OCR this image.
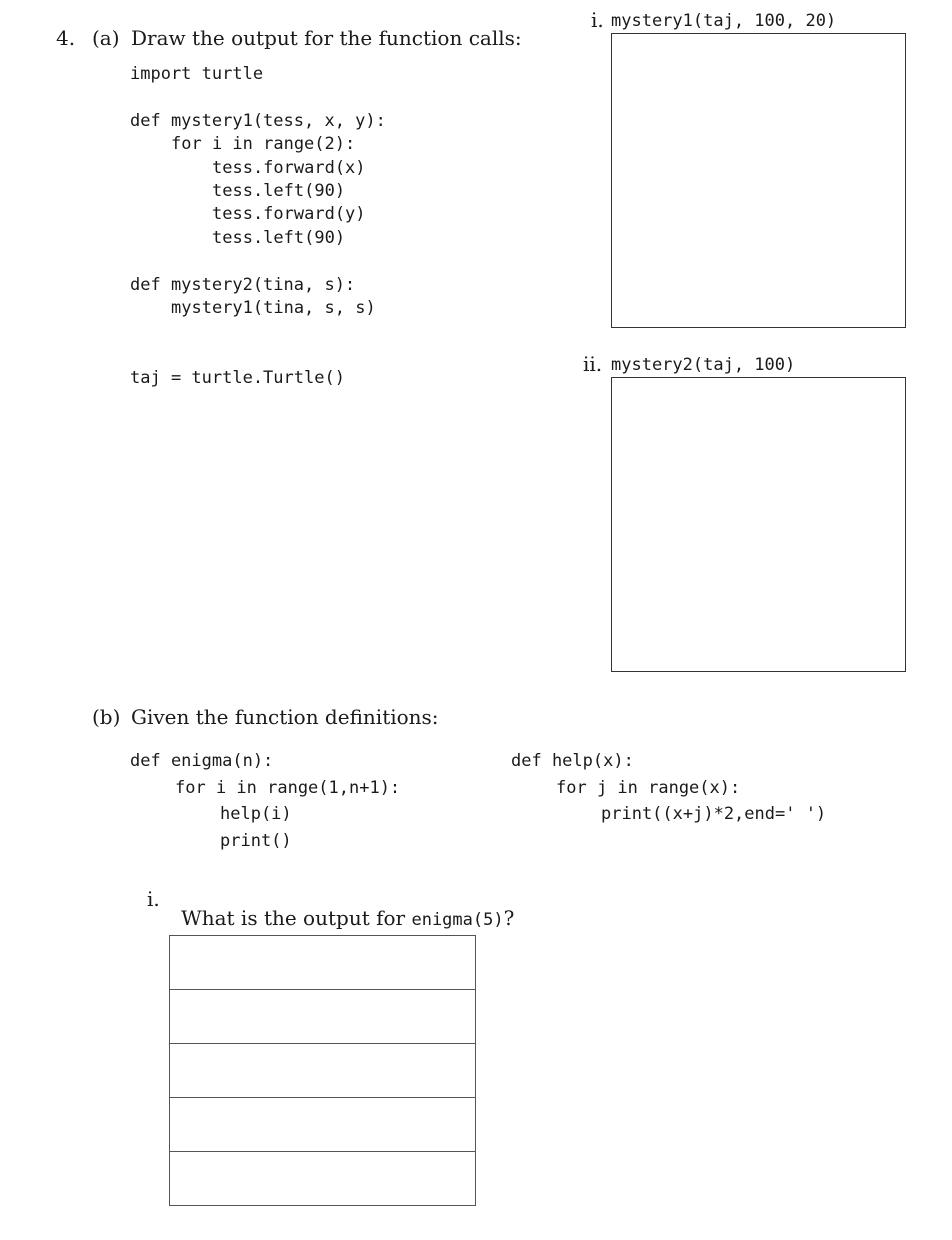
4. (a) Draw the output for the function calls:
import turtle
def mystery1(tess, x, y):
for i in range(2):
tess.forward(x)
tess.left(90)
tess.forward(y)
tess.left(90)
def mystery2(tina, s):
mystery1(tina, s, s)
taj = turtle.Turtle()
i. mystery1(taj, 100, 20)
ii. mystery2(taj, 100)
(b) Given the function definitions:
def enigma(n):
for i in range(1,n+1):
help(i)
print()
def help(x):
for j in range(x):
print((x+j)*2,end=' ')
i.

What is the output for enigma(5)?
